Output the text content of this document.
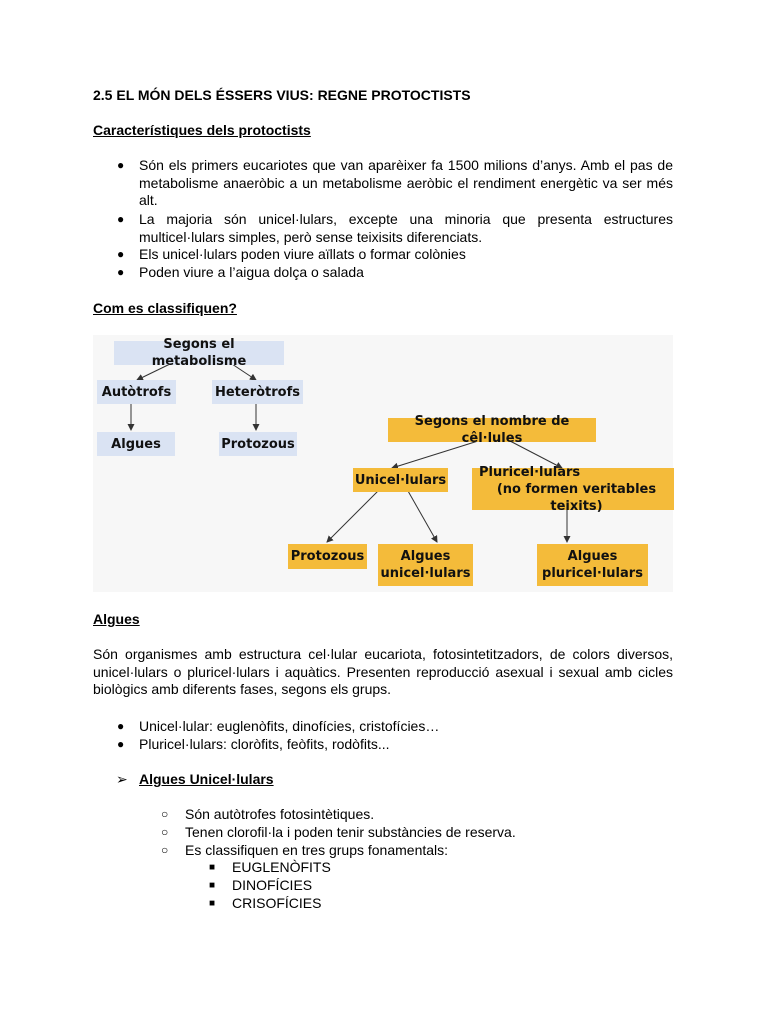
2.5 EL MÓN DELS ÉSSERS VIUS: REGNE PROTOCTISTS

Característiques dels protoctists

● Són els primers eucariotes que van aparèixer fa 1500 milions d’anys. Amb el pas de metabolisme anaeròbic a un metabolisme aeròbic el rendiment energètic va ser més alt.

● La majoria són unicel·lulars, excepte una minoria que presenta estructures multicel·lulars simples, però sense teixisits diferenciats.

● Els unicel·lulars poden viure aïllats o formar colònies

● Poden viure a l’aigua dolça o salada

Com es classifiquen?

Segons el metabolisme
Autòtrofs	Heteròtrofs
Algues	Protozous
Segons el nombre de cêl·lules
Unicel·lulars
Pluricel·lulars
(no formen veritables teixits)
Protozous	Algues
unicel·lulars
Algues
pluricel·lulars

Algues

Són organismes amb estructura cel·lular eucariota, fotosintetitzadors, de colors diversos, unicel·lulars o pluricel·lulars i aquàtics. Presenten reproducció asexual i sexual amb cicles biològics amb diferents fases, segons els grups.

● Unicel·lular: euglenòfits, dinofícies, cristofícies…

● Pluricel·lulars: cloròfits, feòfits, rodòfits...

➢ Algues Unicel·lulars

○ Són autòtrofes fotosintètiques.

○ Tenen clorofil·la i poden tenir substàncies de reserva.

○ Es classifiquen en tres grups fonamentals:

■ EUGLENÒFITS

■ DINOFÍCIES

■ CRISOFÍCIES
